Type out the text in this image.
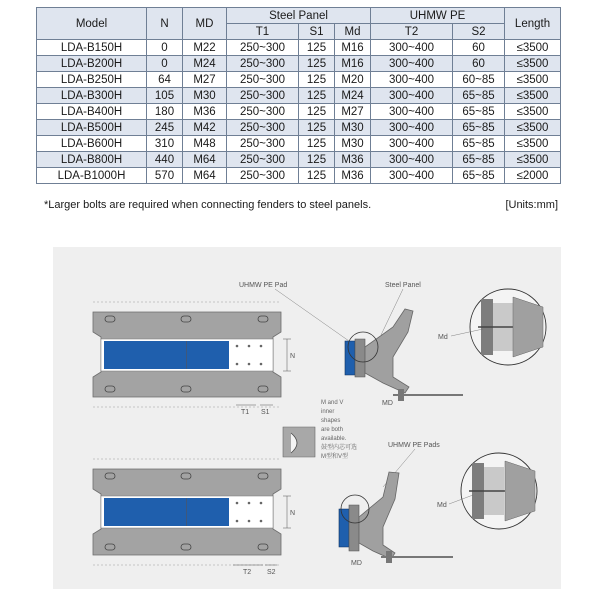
Model	N	MD	Steel Panel			UHMW PE		Length
			T1	S1	Md	T2	S2	
LDA-B150H	0	M22	250~300	125	M16	300~400	60	≤3500
LDA-B200H	0	M24	250~300	125	M16	300~400	60	≤3500
LDA-B250H	64	M27	250~300	125	M20	300~400	60~85	≤3500
LDA-B300H	105	M30	250~300	125	M24	300~400	65~85	≤3500
LDA-B400H	180	M36	250~300	125	M27	300~400	65~85	≤3500
LDA-B500H	245	M42	250~300	125	M30	300~400	65~85	≤3500
LDA-B600H	310	M48	250~300	125	M30	300~400	65~85	≤3500
LDA-B800H	440	M64	250~300	125	M36	300~400	65~85	≤3500
LDA-B1000H	570	M64	250~300	125	M36	300~400	65~85	≤2000
*Larger bolts are required when connecting fenders to steel panels.	[Units:mm]
N
T1 S1
UHMW PE Pad	Steel Panel
MD
Md
M and V
inner
shapes
are both
available.
鼓型内芯可选
M型和V型
UHMW PE Pads
N
T2 S2
MD
Md
